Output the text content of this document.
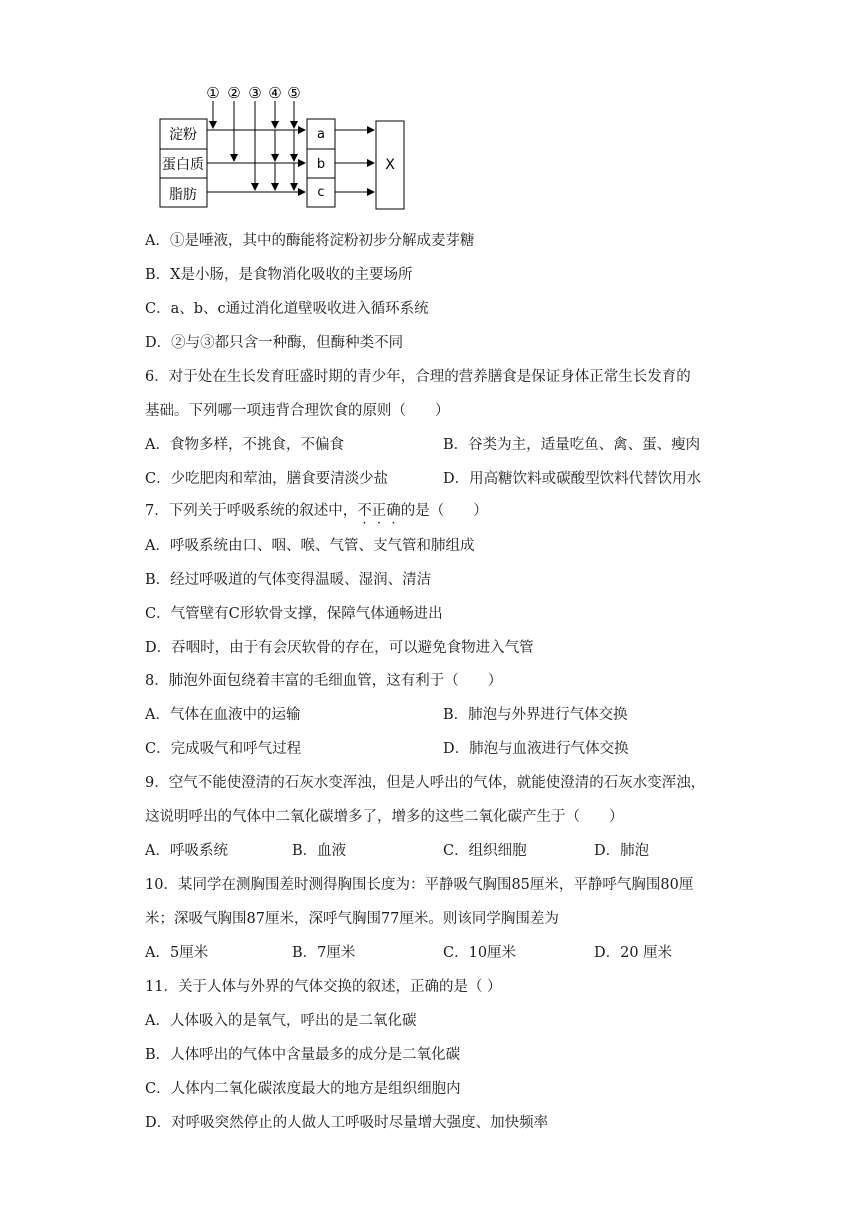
① ② ③ ④ ⑤
淀粉
蛋白质
脂肪
a
b
c
X
A．①是唾液，其中的酶能将淀粉初步分解成麦芽糖
B．X是小肠，是食物消化吸收的主要场所
C．a、b、c通过消化道壁吸收进入循环系统
D．②与③都只含一种酶，但酶种类不同
6．对于处在生长发育旺盛时期的青少年，合理的营养膳食是保证身体正常生长发育的
基础。下列哪一项违背合理饮食的原则（　　）
A．食物多样，不挑食，不偏食	B．谷类为主，适量吃鱼、禽、蛋、瘦肉
C．少吃肥肉和荤油，膳食要清淡少盐	D．用高糖饮料或碳酸型饮料代替饮用水
7．下列关于呼吸系统的叙述中，不正确的是（　　）
A．呼吸系统由口、咽、喉、气管、支气管和肺组成
B．经过呼吸道的气体变得温暖、湿润、清洁
C．气管壁有C形软骨支撑，保障气体通畅进出
D．吞咽时，由于有会厌软骨的存在，可以避免食物进入气管
8．肺泡外面包绕着丰富的毛细血管，这有利于（　　）
A．气体在血液中的运输	B．肺泡与外界进行气体交换
C．完成吸气和呼气过程	D．肺泡与血液进行气体交换
9．空气不能使澄清的石灰水变浑浊，但是人呼出的气体，就能使澄清的石灰水变浑浊，
这说明呼出的气体中二氧化碳增多了，增多的这些二氧化碳产生于（　　）
A．呼吸系统	B．血液	C．组织细胞	D．肺泡
10．某同学在测胸围差时测得胸围长度为：平静吸气胸围85厘米，平静呼气胸围80厘
米；深吸气胸围87厘米，深呼气胸围77厘米。则该同学胸围差为
A．5厘米	B．7厘米	C．10厘米	D．20 厘米
11．关于人体与外界的气体交换的叙述，正确的是（ ）
A．人体吸入的是氧气，呼出的是二氧化碳
B．人体呼出的气体中含量最多的成分是二氧化碳
C．人体内二氧化碳浓度最大的地方是组织细胞内
D．对呼吸突然停止的人做人工呼吸时尽量增大强度、加快频率
